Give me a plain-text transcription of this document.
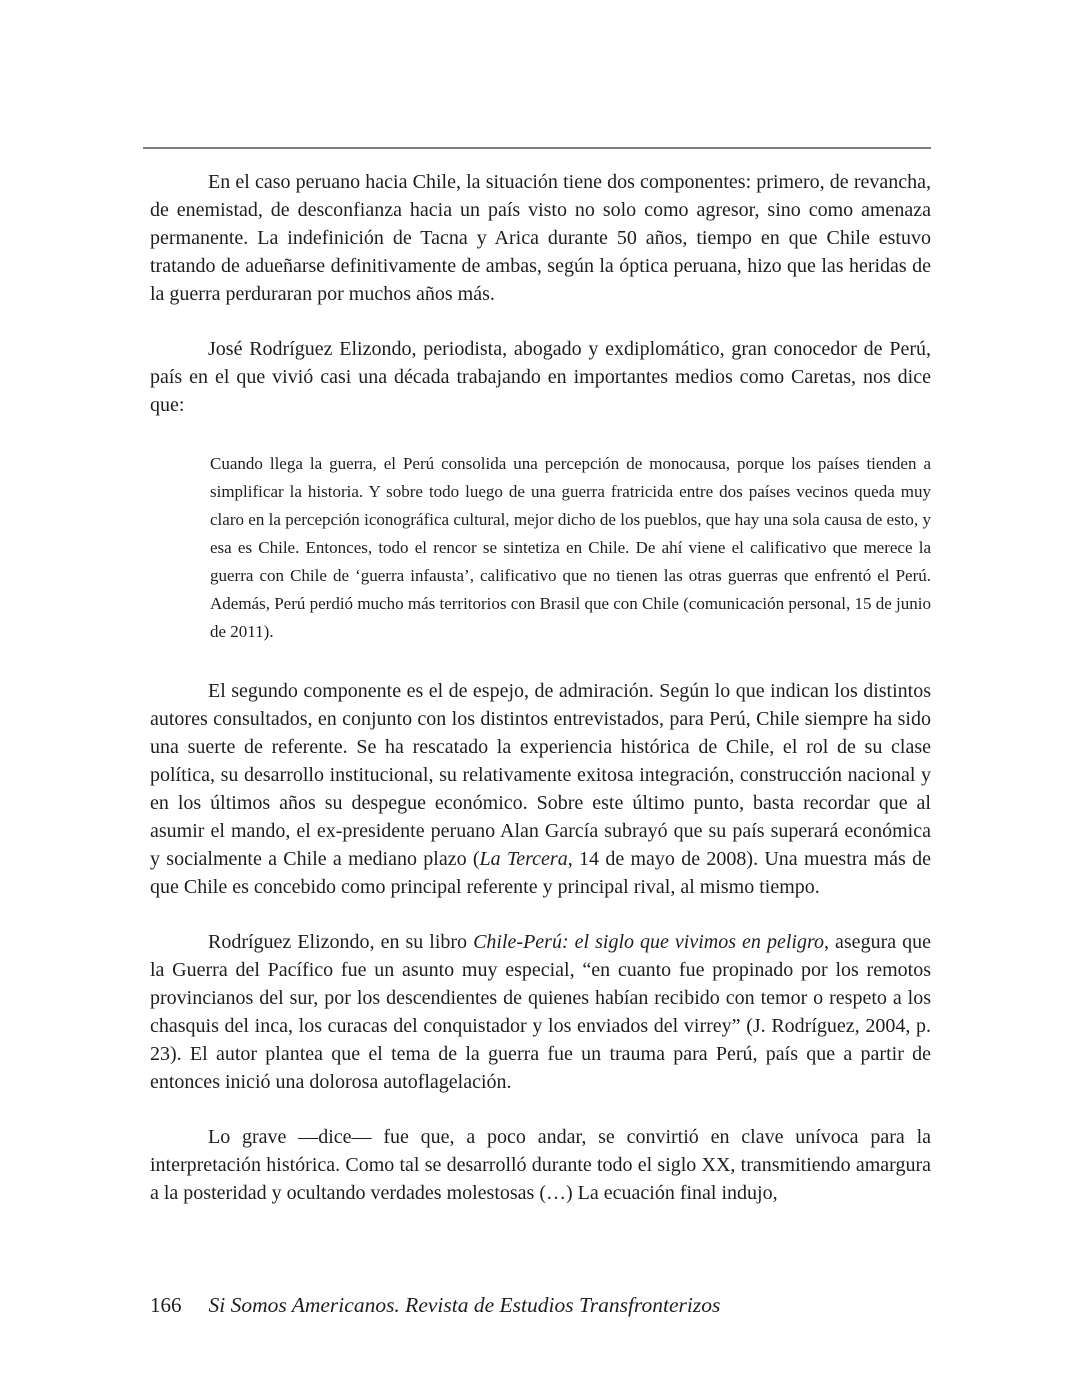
En el caso peruano hacia Chile, la situación tiene dos componentes: primero, de revancha, de enemistad, de desconfianza hacia un país visto no solo como agresor, sino como amenaza permanente. La indefinición de Tacna y Arica durante 50 años, tiempo en que Chile estuvo tratando de adueñarse definitivamente de ambas, según la óptica peruana, hizo que las heridas de la guerra perduraran por muchos años más.

José Rodríguez Elizondo, periodista, abogado y exdiplomático, gran conocedor de Perú, país en el que vivió casi una década trabajando en importantes medios como Caretas, nos dice que:

Cuando llega la guerra, el Perú consolida una percepción de monocausa, porque los países tienden a simplificar la historia. Y sobre todo luego de una guerra fratricida entre dos países vecinos queda muy claro en la percepción iconográfica cultural, mejor dicho de los pueblos, que hay una sola causa de esto, y esa es Chile. Entonces, todo el rencor se sintetiza en Chile. De ahí viene el calificativo que merece la guerra con Chile de ‘guerra infausta’, calificativo que no tienen las otras guerras que enfrentó el Perú. Además, Perú perdió mucho más territorios con Brasil que con Chile (comunicación personal, 15 de junio de 2011).

El segundo componente es el de espejo, de admiración. Según lo que indican los distintos autores consultados, en conjunto con los distintos entrevistados, para Perú, Chile siempre ha sido una suerte de referente. Se ha rescatado la experiencia histórica de Chile, el rol de su clase política, su desarrollo institucional, su relativamente exitosa integración, construcción nacional y en los últimos años su despegue económico. Sobre este último punto, basta recordar que al asumir el mando, el ex-presidente peruano Alan García subrayó que su país superará económica y socialmente a Chile a mediano plazo (La Tercera, 14 de mayo de 2008). Una muestra más de que Chile es concebido como principal referente y principal rival, al mismo tiempo.

Rodríguez Elizondo, en su libro Chile-Perú: el siglo que vivimos en peligro, asegura que la Guerra del Pacífico fue un asunto muy especial, “en cuanto fue propinado por los remotos provincianos del sur, por los descendientes de quienes habían recibido con temor o respeto a los chasquis del inca, los curacas del conquistador y los enviados del virrey” (J. Rodríguez, 2004, p. 23). El autor plantea que el tema de la guerra fue un trauma para Perú, país que a partir de entonces inició una dolorosa autoflagelación.

Lo grave —dice— fue que, a poco andar, se convirtió en clave unívoca para la interpretación histórica. Como tal se desarrolló durante todo el siglo XX, transmitiendo amargura a la posteridad y ocultando verdades molestosas (…) La ecuación final indujo,

166 Si Somos Americanos. Revista de Estudios Transfronterizos
